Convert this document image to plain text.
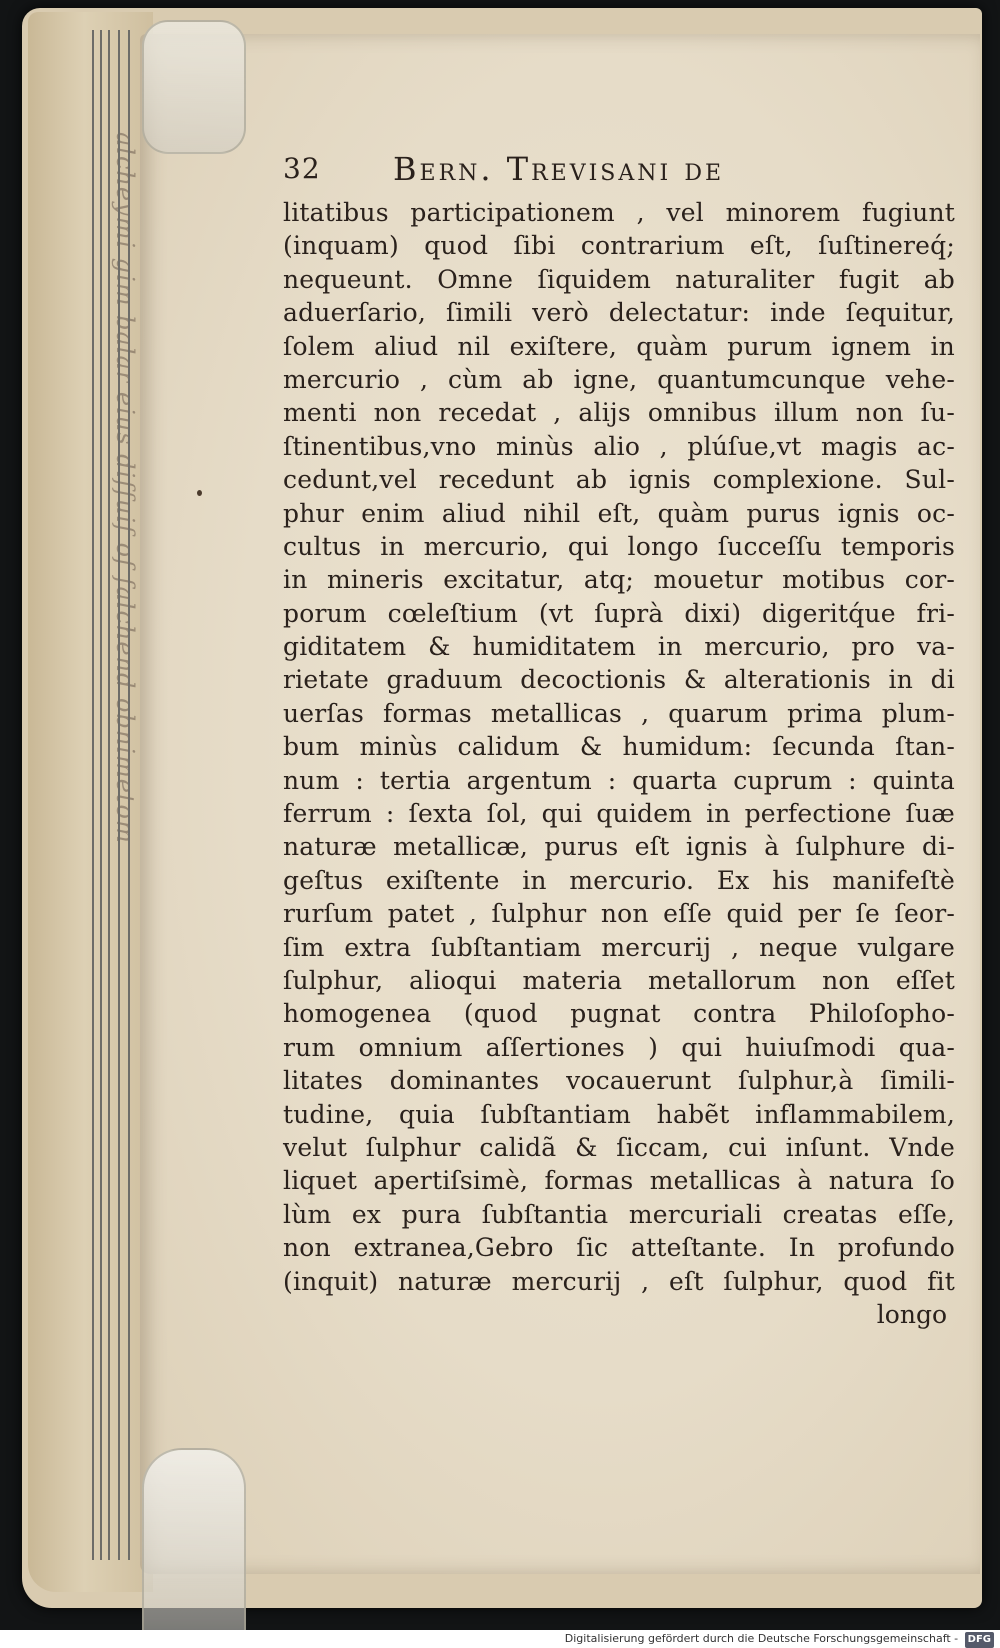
alcheymi gim balar eius diſſuiſ of falchend obnimetom	32 Bern. Trevisani de
litatibus participationem , vel minorem fugiunt
(inquam) quod ſibi contrarium eſt, ſuſtinereq́;
nequeunt. Omne ſiquidem naturaliter fugit ab
aduerſario, ſimili verò delectatur: inde ſequitur,
ſolem aliud nil exiſtere, quàm purum ignem in
mercurio , cùm ab igne, quantumcunque vehe-
menti non recedat , alijs omnibus illum non ſu-
ſtinentibus,vno minùs alio , plúſue,vt magis ac-
cedunt,vel recedunt ab ignis complexione. Sul-
phur enim aliud nihil eſt, quàm purus ignis oc-
cultus in mercurio, qui longo ſucceſſu temporis
in mineris excitatur, atq; mouetur motibus cor-
porum cœleſtium (vt ſuprà dixi) digeritq́ue fri-
giditatem & humiditatem in mercurio, pro va-
rietate graduum decoctionis & alterationis in di
uerſas formas metallicas , quarum prima plum-
bum minùs calidum & humidum: ſecunda ſtan-
num : tertia argentum : quarta cuprum : quinta
ferrum : ſexta ſol, qui quidem in perfectione ſuæ
naturæ metallicæ, purus eſt ignis à ſulphure di-
geſtus exiſtente in mercurio. Ex his manifeſtè
rurſum patet , ſulphur non eſſe quid per ſe ſeor-
ſim extra ſubſtantiam mercurij , neque vulgare
ſulphur, alioqui materia metallorum non eſſet
homogenea (quod pugnat contra Philoſopho-
rum omnium aſſertiones ) qui huiuſmodi qua-
litates dominantes vocauerunt ſulphur,à ſimili-
tudine, quia ſubſtantiam habẽt inflammabilem,
velut ſulphur calidã & ſiccam, cui inſunt. Vnde
liquet apertiſsimè, formas metallicas à natura ſo
lùm ex pura ſubſtantia mercuriali creatas eſſe,
non extranea,Gebro ſic atteſtante. In profundo
(inquit) naturæ mercurij , eſt ſulphur, quod fit
longo
Digitalisierung gefördert durch die Deutsche Forschungsgemeinschaft - DFG
